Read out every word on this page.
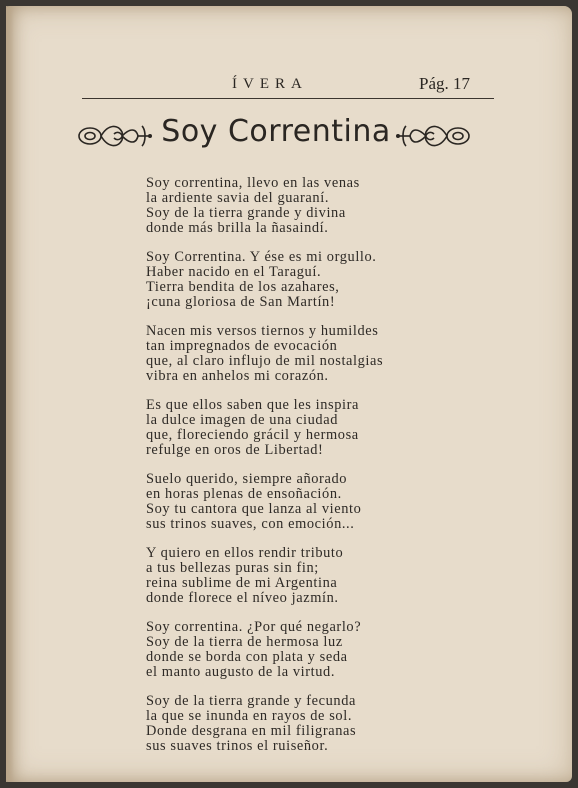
ÍVERA	Pág. 17
Soy Correntina
Soy correntina, llevo en las venas
la ardiente savia del guaraní.
Soy de la tierra grande y divina
donde más brilla la ñasaindí.
Soy Correntina. Y ése es mi orgullo.
Haber nacido en el Taraguí.
Tierra bendita de los azahares,
¡cuna gloriosa de San Martín!
Nacen mis versos tiernos y humildes
tan impregnados de evocación
que, al claro influjo de mil nostalgias
vibra en anhelos mi corazón.
Es que ellos saben que les inspira
la dulce imagen de una ciudad
que, floreciendo grácil y hermosa
refulge en oros de Libertad!
Suelo querido, siempre añorado
en horas plenas de ensoñación.
Soy tu cantora que lanza al viento
sus trinos suaves, con emoción...
Y quiero en ellos rendir tributo
a tus bellezas puras sin fin;
reina sublime de mi Argentina
donde florece el níveo jazmín.
Soy correntina. ¿Por qué negarlo?
Soy de la tierra de hermosa luz
donde se borda con plata y seda
el manto augusto de la virtud.
Soy de la tierra grande y fecunda
la que se inunda en rayos de sol.
Donde desgrana en mil filigranas
sus suaves trinos el ruiseñor.
